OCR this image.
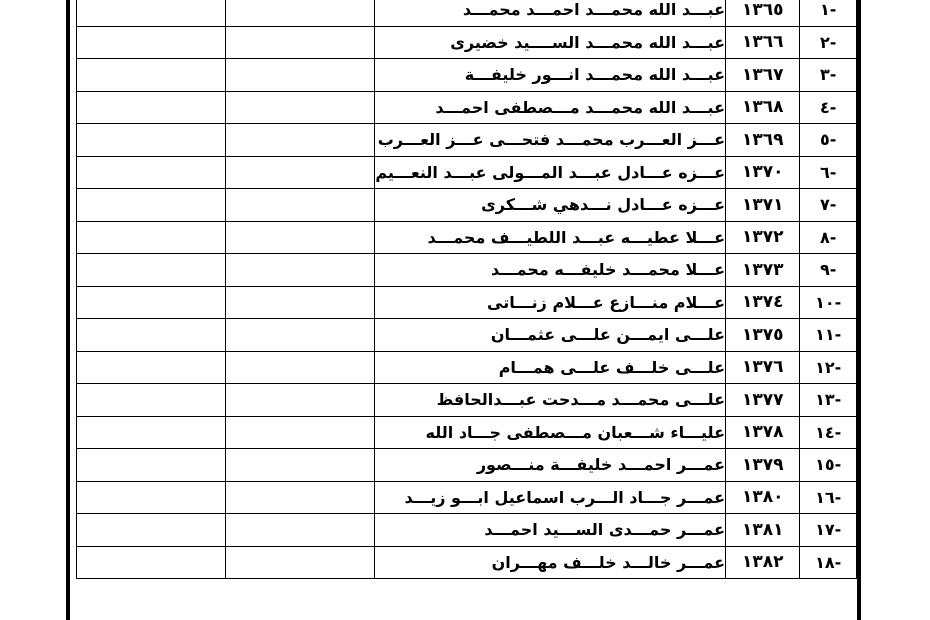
		عبـــد الله محمـــد احمـــد محمـــد	١٣٦٥	-١
		عبـــد الله محمـــد الســــيد خضيرى	١٣٦٦	-٢
		عبـــد الله محمـــد انـــور خليفـــة	١٣٦٧	-٣
		عبـــد الله محمـــد مـــصطفى احمـــد	١٣٦٨	-٤
		عـــز العـــرب محمـــد فتحـــى عـــز العـــرب	١٣٦٩	-٥
		عـــزه عـــادل عبـــد المـــولى عبـــد النعـــيم	١٣٧٠	-٦
		عـــزه عـــادل نـــدهي شـــكرى	١٣٧١	-٧
		عـــلا عطيـــه عبـــد اللطيـــف محمـــد	١٣٧٢	-٨
		عـــلا محمـــد خليفـــه محمـــد	١٣٧٣	-٩
		عـــلام منـــازع عـــلام زنـــاتى	١٣٧٤	-١٠
		علـــى ايمـــن علـــى عثمـــان	١٣٧٥	-١١
		علـــى خلـــف علـــى همـــام	١٣٧٦	-١٢
		علـــى محمـــد مـــدحت عبـــدالحافظ	١٣٧٧	-١٣
		عليـــاء شـــعبان مـــصطفى جـــاد الله	١٣٧٨	-١٤
		عمـــر احمـــد خليفـــة منـــصور	١٣٧٩	-١٥
		عمـــر جـــاد الـــرب اسماعيل ابـــو زيـــد	١٣٨٠	-١٦
		عمـــر حمـــدى الســـيد احمـــد	١٣٨١	-١٧
		عمـــر خالـــد خلـــف مهـــران	١٣٨٢	-١٨
